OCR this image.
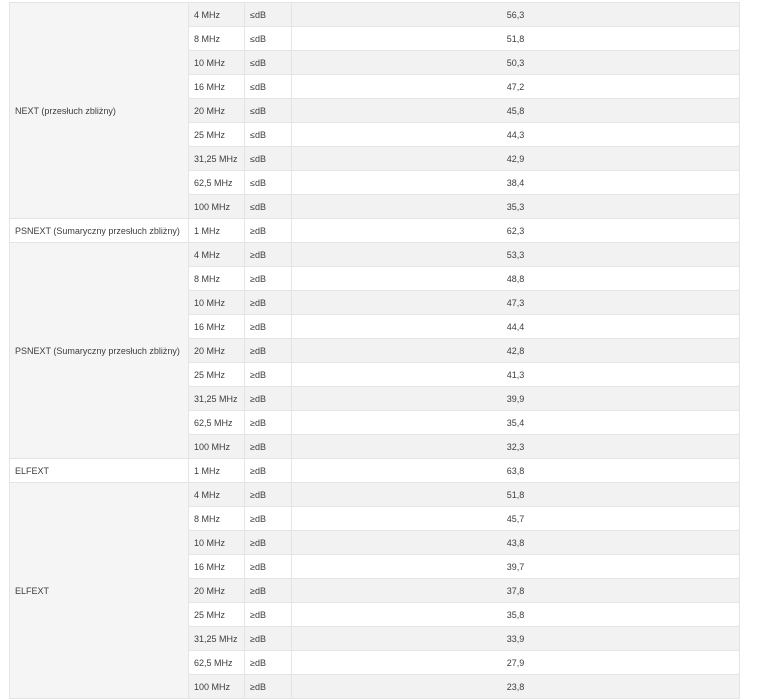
NEXT (przesłuch zbliżny)	4 MHz	≤dB	56,3
	8 MHz	≤dB	51,8
	10 MHz	≤dB	50,3
	16 MHz	≤dB	47,2
	20 MHz	≤dB	45,8
	25 MHz	≤dB	44,3
	31,25 MHz	≤dB	42,9
	62,5 MHz	≤dB	38,4
	100 MHz	≤dB	35,3
PSNEXT (Sumaryczny przesłuch zbliżny)	1 MHz	≥dB	62,3
PSNEXT (Sumaryczny przesłuch zbliżny)	4 MHz	≥dB	53,3
	8 MHz	≥dB	48,8
	10 MHz	≥dB	47,3
	16 MHz	≥dB	44,4
	20 MHz	≥dB	42,8
	25 MHz	≥dB	41,3
	31,25 MHz	≥dB	39,9
	62,5 MHz	≥dB	35,4
	100 MHz	≥dB	32,3
ELFEXT	1 MHz	≥dB	63,8
ELFEXT	4 MHz	≥dB	51,8
	8 MHz	≥dB	45,7
	10 MHz	≥dB	43,8
	16 MHz	≥dB	39,7
	20 MHz	≥dB	37,8
	25 MHz	≥dB	35,8
	31,25 MHz	≥dB	33,9
	62,5 MHz	≥dB	27,9
	100 MHz	≥dB	23,8
